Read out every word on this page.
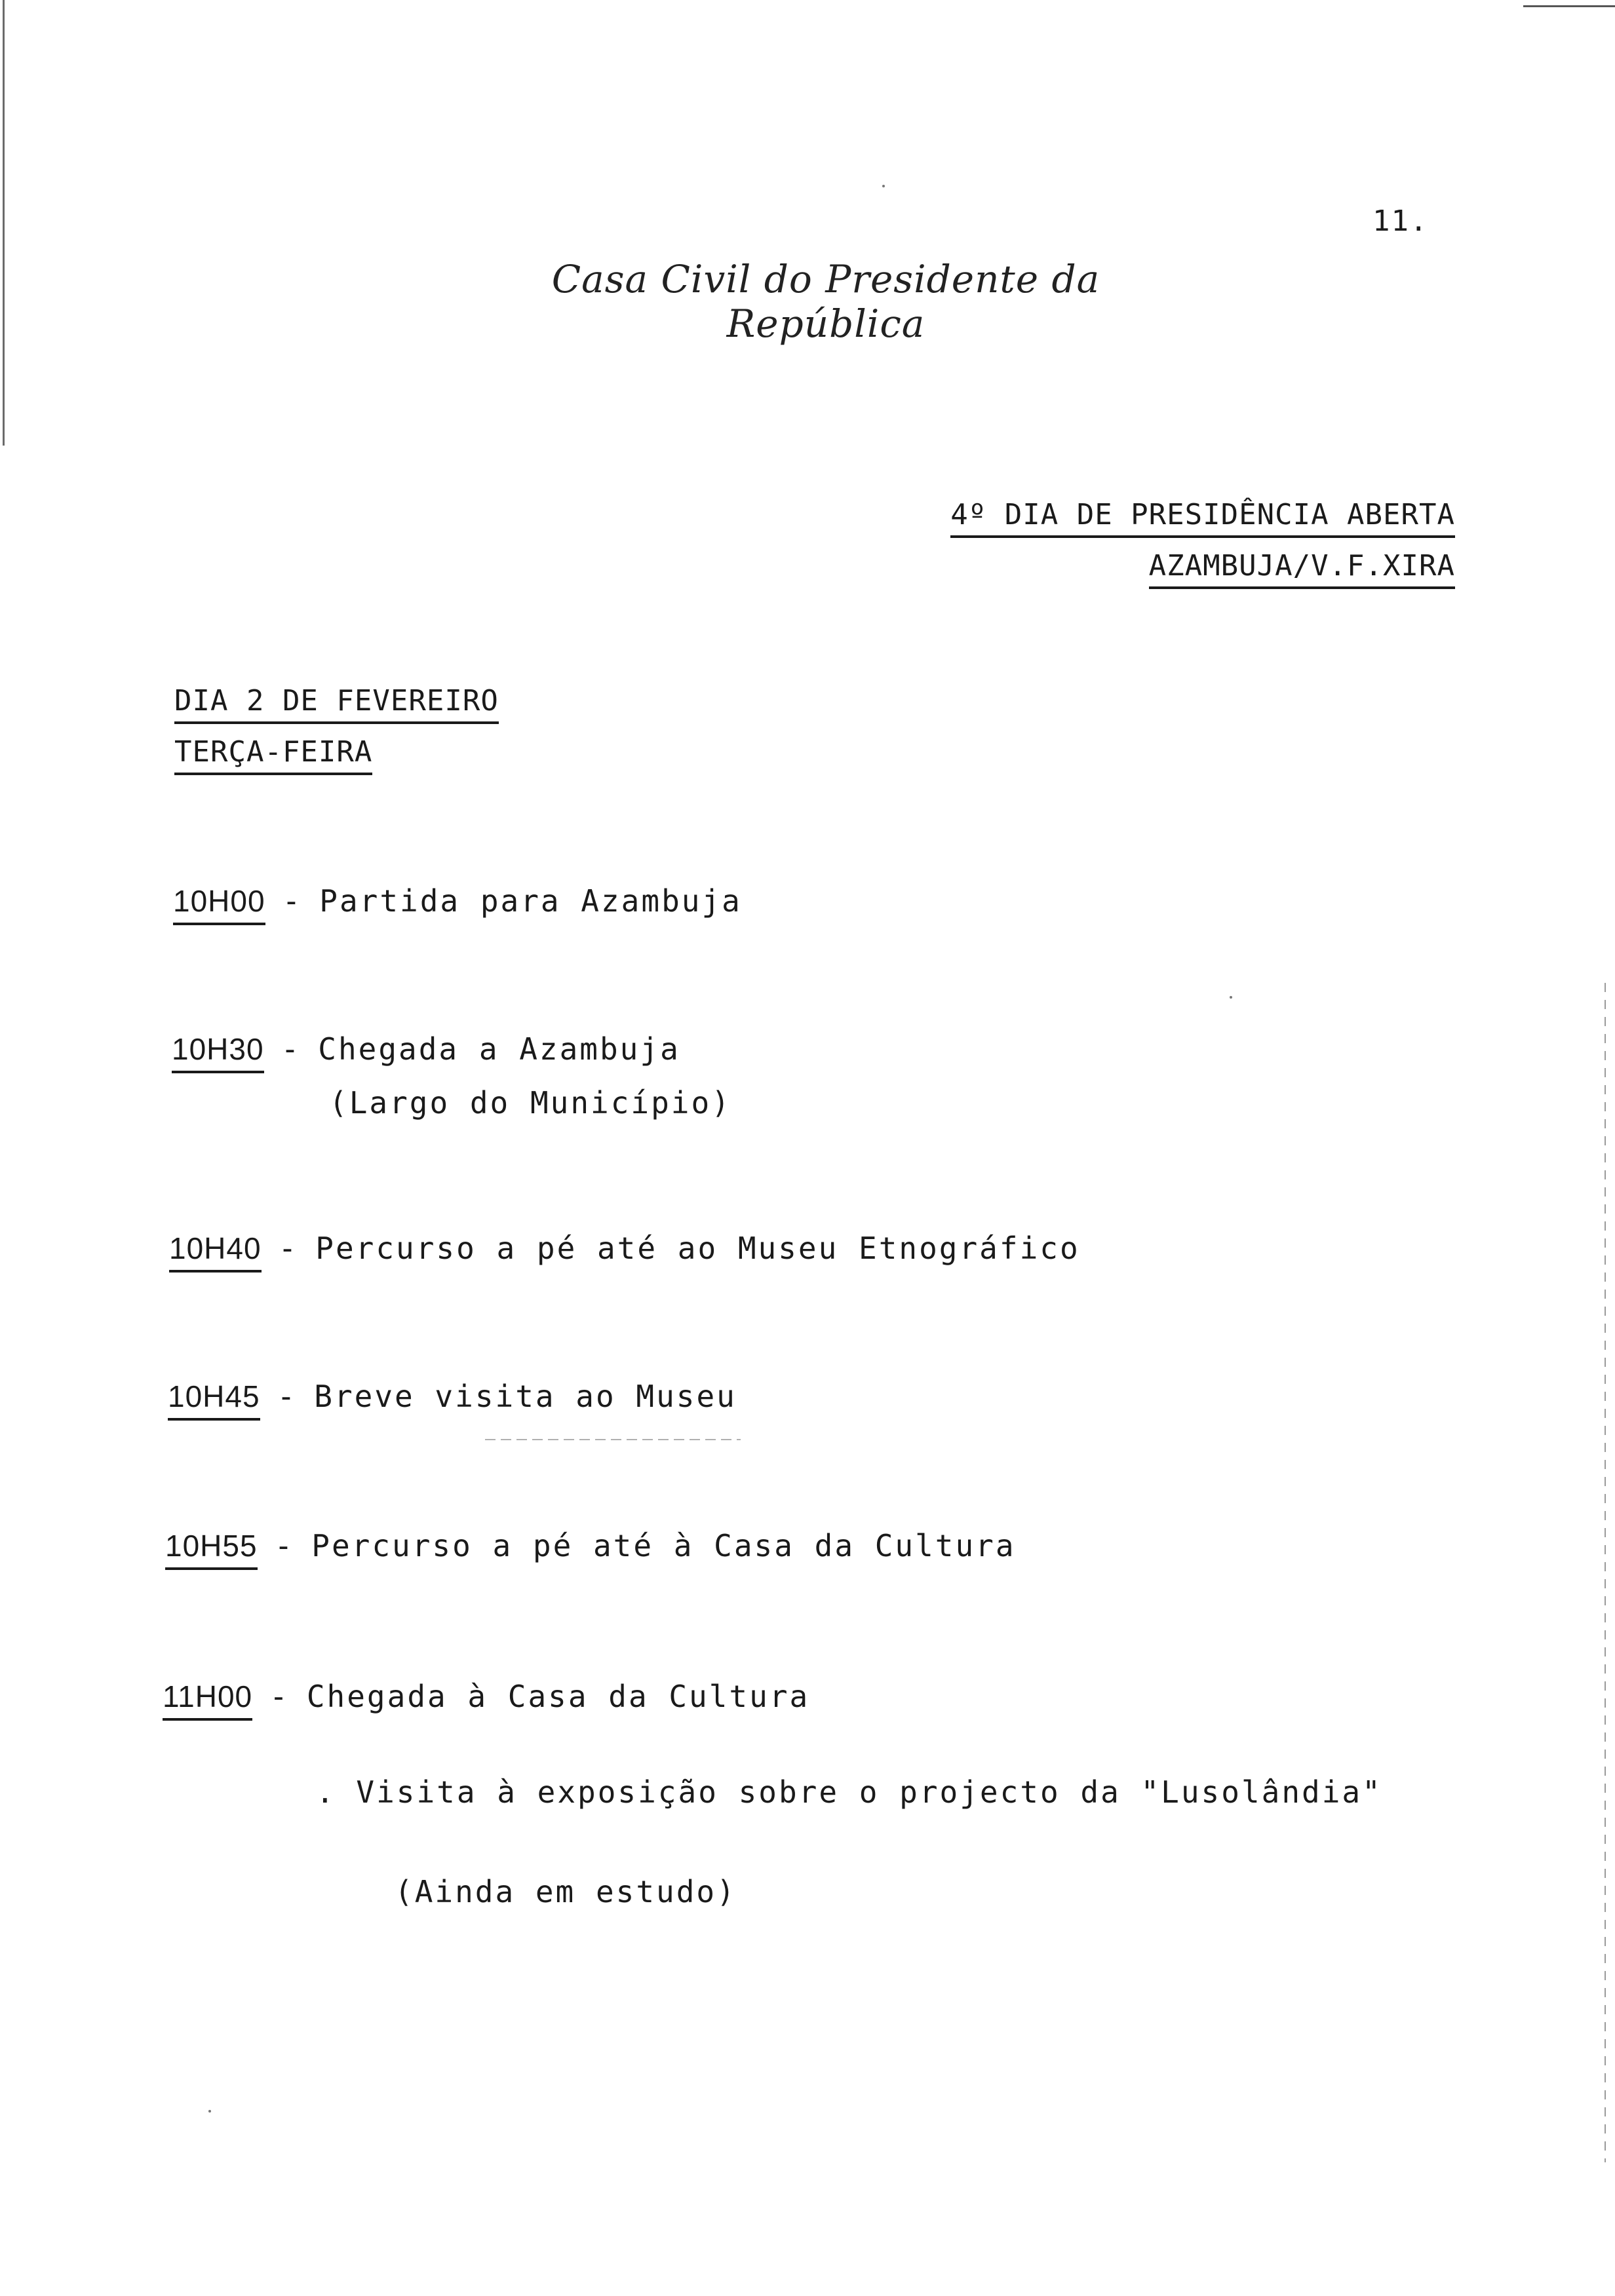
11.
Casa Civil do Presidente da República
4º DIA DE PRESIDÊNCIA ABERTA
AZAMBUJA/V.F.XIRA
DIA 2 DE FEVEREIRO
TERÇA-FEIRA
10H00 - Partida para Azambuja
10H30 - Chegada a Azambuja
(Largo do Município)
10H40 - Percurso a pé até ao Museu Etnográfico
10H45 - Breve visita ao Museu
10H55 - Percurso a pé até à Casa da Cultura
11H00 - Chegada à Casa da Cultura
. Visita à exposição sobre o projecto da "Lusolândia"
(Ainda em estudo)
